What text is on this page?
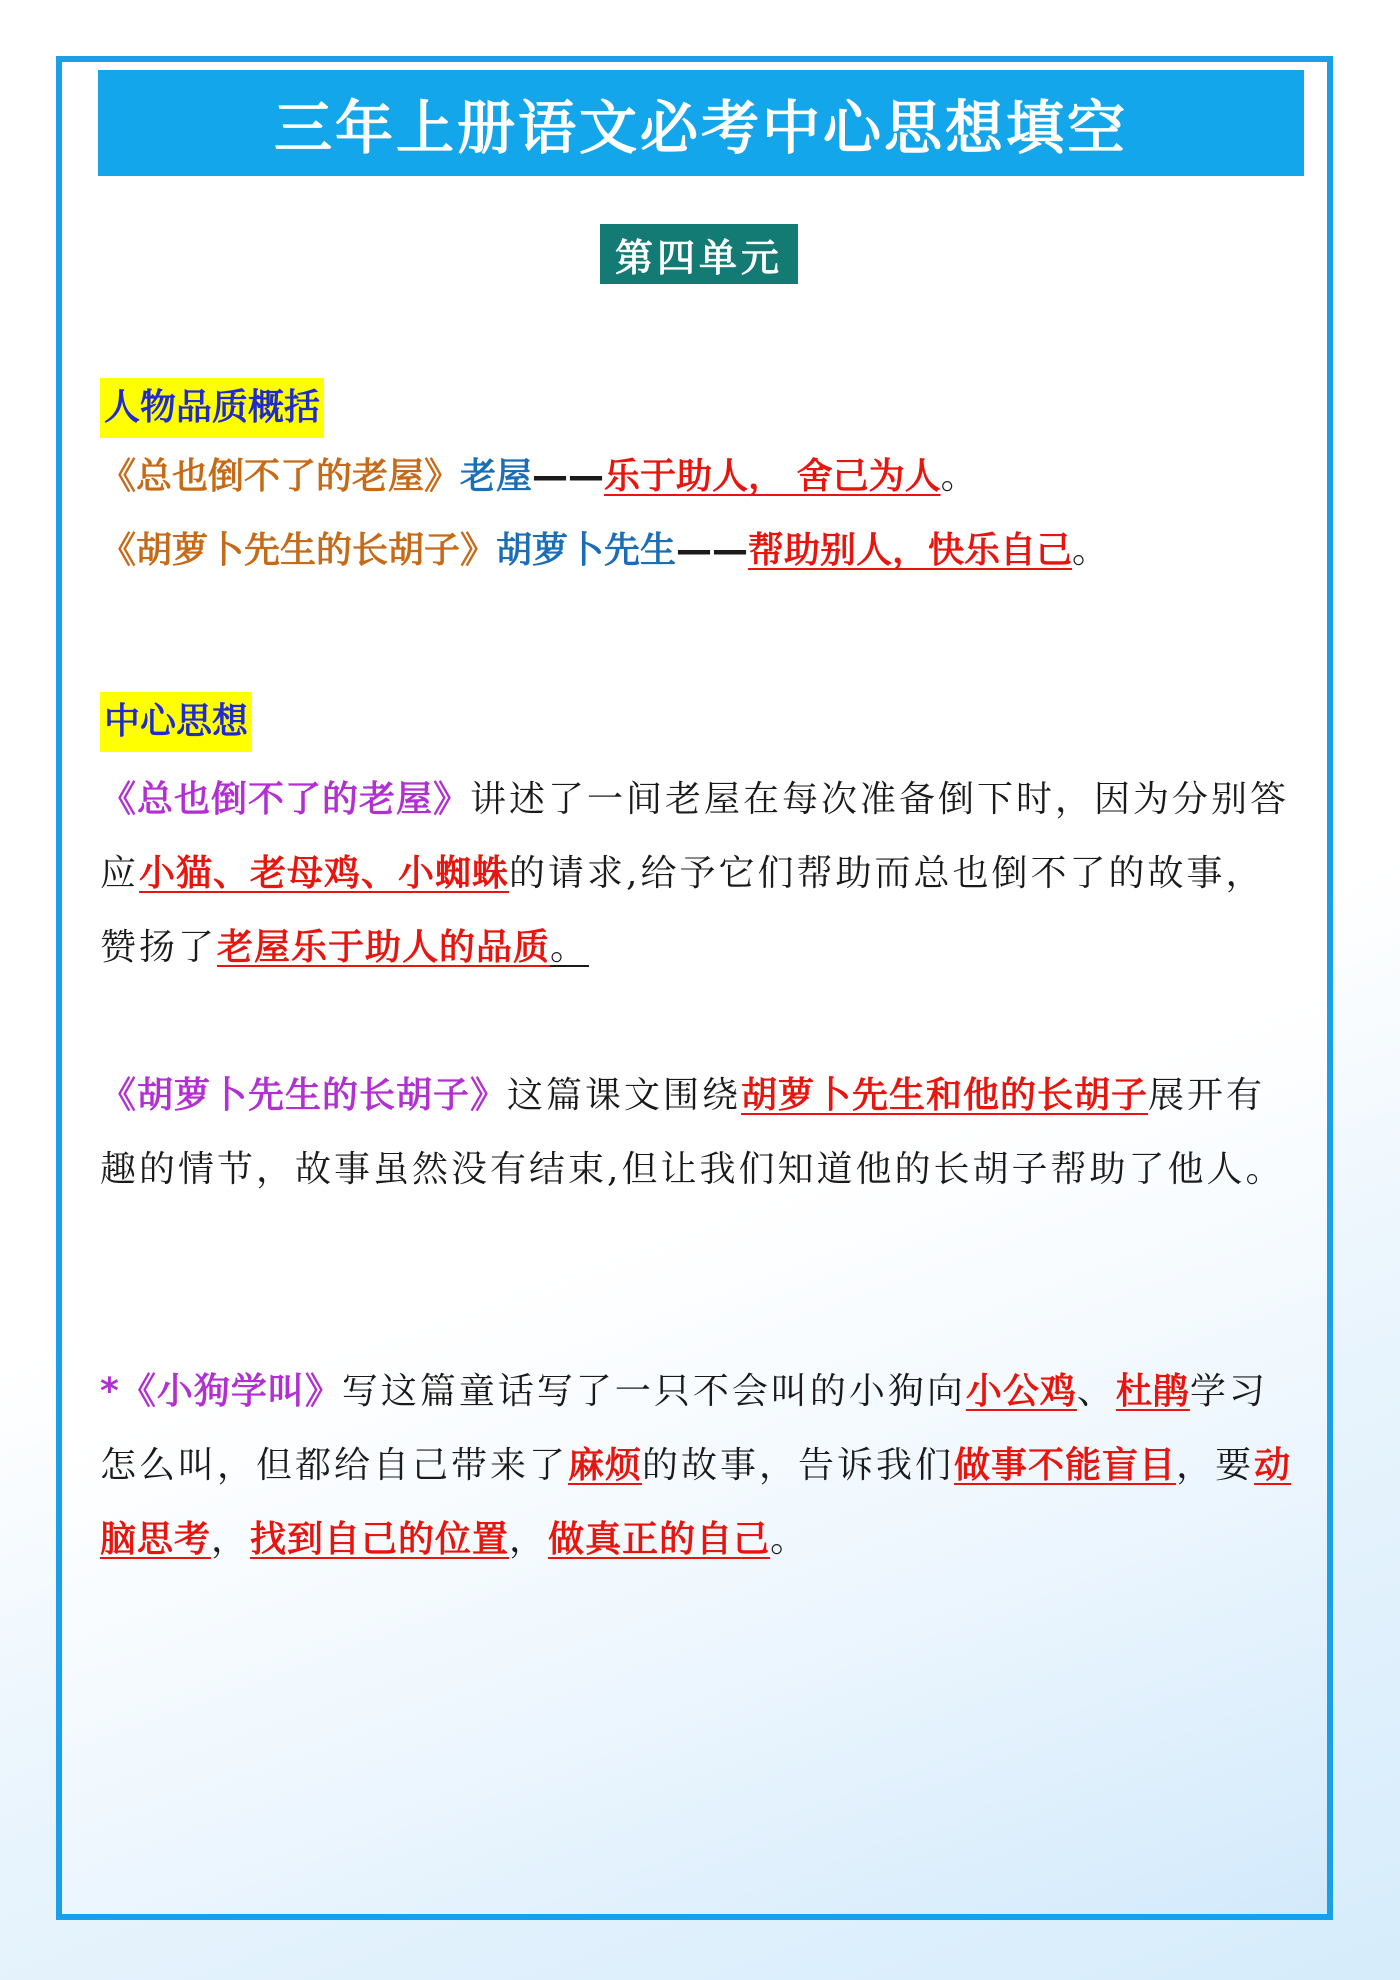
三年上册语文必考中心思想填空
第四单元
人物品质概括
《总也倒不了的老屋》老屋——乐于助人， 舍己为人。
《胡萝卜先生的长胡子》胡萝卜先生——帮助别人，快乐自己。
中心思想
《总也倒不了的老屋》讲述了一间老屋在每次准备倒下时，因为分别答应小猫、老母鸡、小蜘蛛的请求,给予它们帮助而总也倒不了的故事，赞扬了老屋乐于助人的品质。
《胡萝卜先生的长胡子》这篇课文围绕胡萝卜先生和他的长胡子展开有趣的情节，故事虽然没有结束,但让我们知道他的长胡子帮助了他人。
*《小狗学叫》写这篇童话写了一只不会叫的小狗向小公鸡、杜鹃学习怎么叫，但都给自己带来了麻烦的故事，告诉我们做事不能盲目，要动脑思考，找到自己的位置，做真正的自己。
